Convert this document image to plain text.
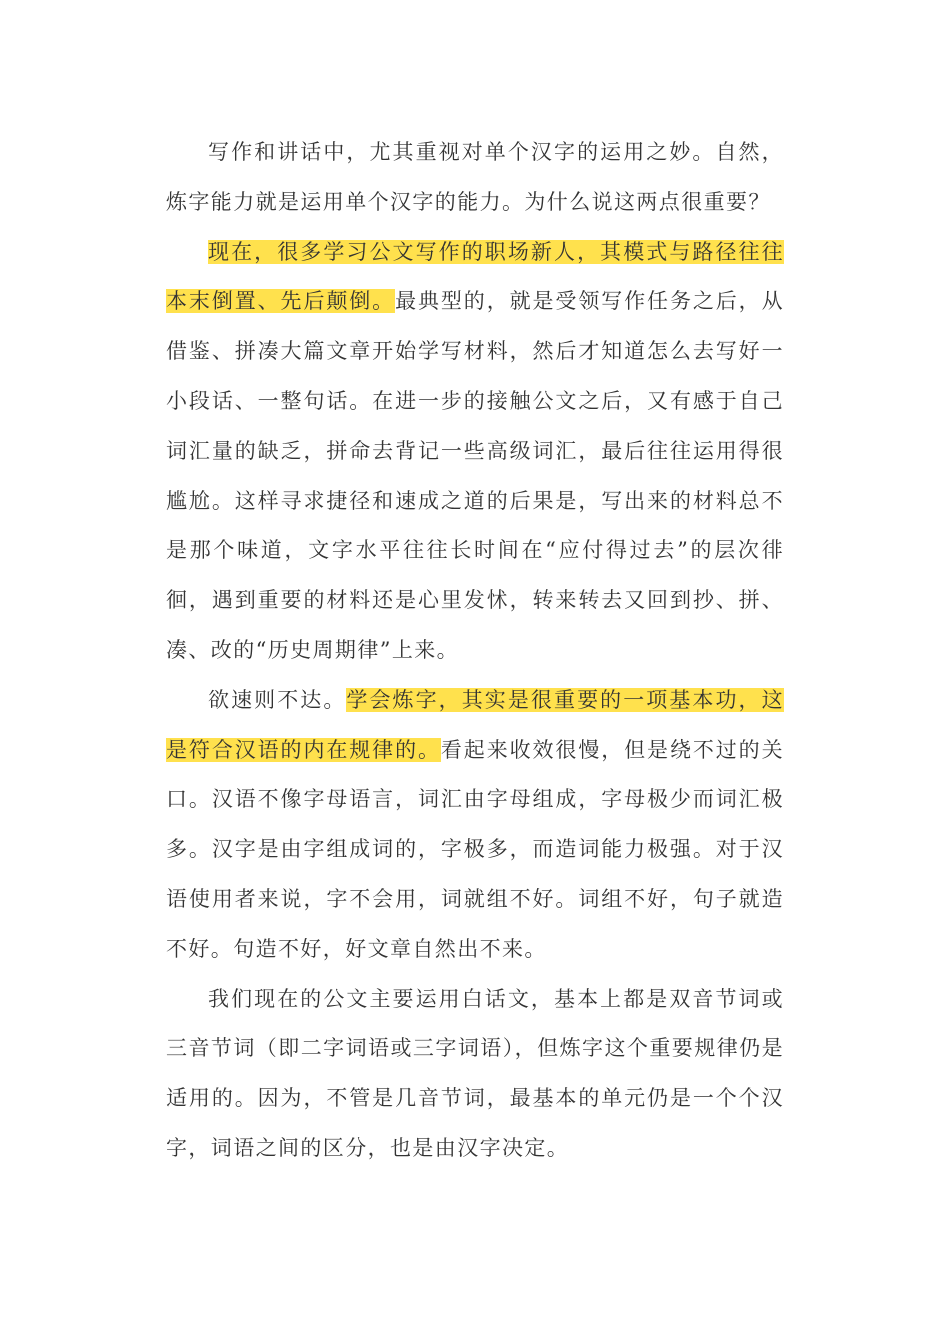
写作和讲话中，尤其重视对单个汉字的运用之妙。自然，炼字能力就是运用单个汉字的能力。为什么说这两点很重要？

现在，很多学习公文写作的职场新人，其模式与路径往往本末倒置、先后颠倒。最典型的，就是受领写作任务之后，从借鉴、拼凑大篇文章开始学写材料，然后才知道怎么去写好一小段话、一整句话。在进一步的接触公文之后，又有感于自己词汇量的缺乏，拼命去背记一些高级词汇，最后往往运用得很尴尬。这样寻求捷径和速成之道的后果是，写出来的材料总不是那个味道，文字水平往往长时间在“应付得过去”的层次徘徊，遇到重要的材料还是心里发怵，转来转去又回到抄、拼、凑、改的“历史周期律”上来。

欲速则不达。学会炼字，其实是很重要的一项基本功，这是符合汉语的内在规律的。看起来收效很慢，但是绕不过的关口。汉语不像字母语言，词汇由字母组成，字母极少而词汇极多。汉字是由字组成词的，字极多，而造词能力极强。对于汉语使用者来说，字不会用，词就组不好。词组不好，句子就造不好。句造不好，好文章自然出不来。

我们现在的公文主要运用白话文，基本上都是双音节词或三音节词（即二字词语或三字词语），但炼字这个重要规律仍是适用的。因为，不管是几音节词，最基本的单元仍是一个个汉字，词语之间的区分，也是由汉字决定。
